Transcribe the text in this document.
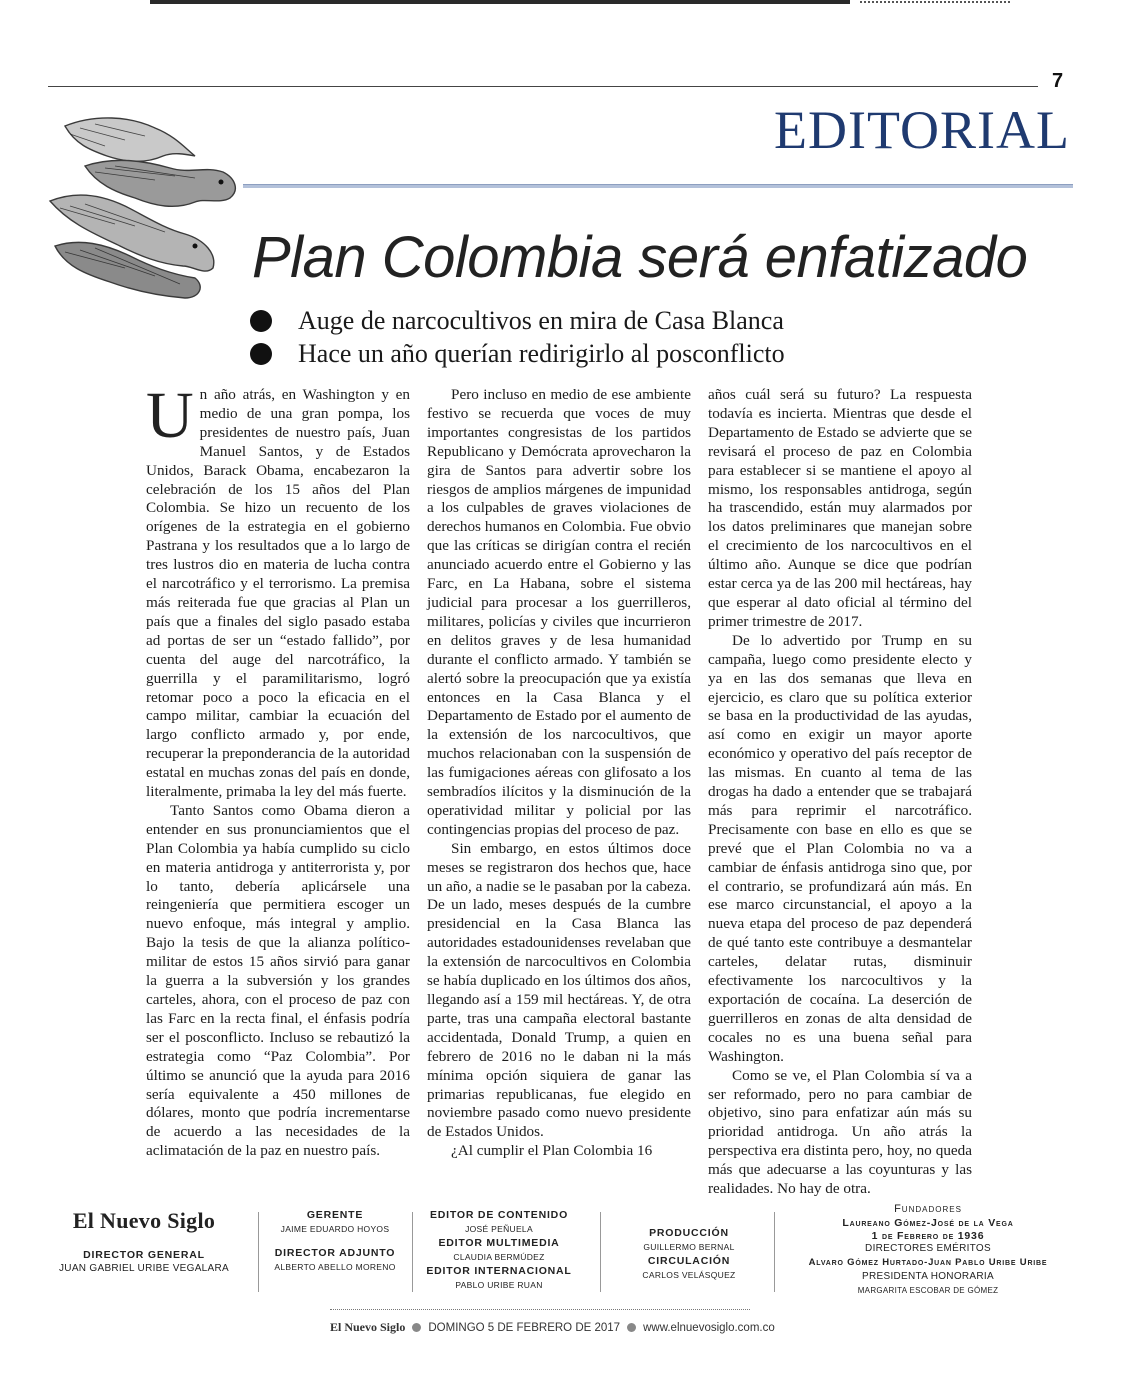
7
EDITORIAL
Plan Colombia será enfatizado
Auge de narcocultivos en mira de Casa Blanca
Hace un año querían redirigirlo al posconflicto

Un año atrás, en Washington y en medio de una gran pompa, los presidentes de nuestro país, Juan Manuel Santos, y de Estados Unidos, Barack Obama, encabezaron la celebración de los 15 años del Plan Colombia. Se hizo un recuento de los orígenes de la estrategia en el gobierno Pastrana y los resultados que a lo largo de tres lustros dio en materia de lucha contra el narcotráfico y el terrorismo. La premisa más reiterada fue que gracias al Plan un país que a finales del siglo pasado estaba ad portas de ser un “estado fallido”, por cuenta del auge del narcotráfico, la guerrilla y el paramilitarismo, logró retomar poco a poco la eficacia en el campo militar, cambiar la ecuación del largo conflicto armado y, por ende, recuperar la preponderancia de la autoridad estatal en muchas zonas del país en donde, literalmente, primaba la ley del más fuerte.

Tanto Santos como Obama dieron a entender en sus pronunciamientos que el Plan Colombia ya había cumplido su ciclo en materia antidroga y antiterrorista y, por lo tanto, debería aplicársele una reingeniería que permitiera escoger un nuevo enfoque, más integral y amplio. Bajo la tesis de que la alianza político-militar de estos 15 años sirvió para ganar la guerra a la subversión y los grandes carteles, ahora, con el proceso de paz con las Farc en la recta final, el énfasis podría ser el posconflicto. Incluso se rebautizó la estrategia como “Paz Colombia”. Por último se anunció que la ayuda para 2016 sería equivalente a 450 millones de dólares, monto que podría incrementarse de acuerdo a las necesidades de la aclimatación de la paz en nuestro país.

Pero incluso en medio de ese ambiente festivo se recuerda que voces de muy importantes congresistas de los partidos Republicano y Demócrata aprovecharon la gira de Santos para advertir sobre los riesgos de amplios márgenes de impunidad a los culpables de graves violaciones de derechos humanos en Colombia. Fue obvio que las críticas se dirigían contra el recién anunciado acuerdo entre el Gobierno y las Farc, en La Habana, sobre el sistema judicial para procesar a los guerrilleros, militares, policías y civiles que incurrieron en delitos graves y de lesa humanidad durante el conflicto armado. Y también se alertó sobre la preocupación que ya existía entonces en la Casa Blanca y el Departamento de Estado por el aumento de la extensión de los narcocultivos, que muchos relacionaban con la suspensión de las fumigaciones aéreas con glifosato a los sembradíos ilícitos y la disminución de la operatividad militar y policial por las contingencias propias del proceso de paz.

Sin embargo, en estos últimos doce meses se registraron dos hechos que, hace un año, a nadie se le pasaban por la cabeza. De un lado, meses después de la cumbre presidencial en la Casa Blanca las autoridades estadounidenses revelaban que la extensión de narcocultivos en Colombia se había duplicado en los últimos dos años, llegando así a 159 mil hectáreas. Y, de otra parte, tras una campaña electoral bastante accidentada, Donald Trump, a quien en febrero de 2016 no le daban ni la más mínima opción siquiera de ganar las primarias republicanas, fue elegido en noviembre pasado como nuevo presidente de Estados Unidos.

¿Al cumplir el Plan Colombia 16

años cuál será su futuro? La respuesta todavía es incierta. Mientras que desde el Departamento de Estado se advierte que se revisará el proceso de paz en Colombia para establecer si se mantiene el apoyo al mismo, los responsables antidroga, según ha trascendido, están muy alarmados por los datos preliminares que manejan sobre el crecimiento de los narcocultivos en el último año. Aunque se dice que podrían estar cerca ya de las 200 mil hectáreas, hay que esperar al dato oficial al término del primer trimestre de 2017.

De lo advertido por Trump en su campaña, luego como presidente electo y ya en las dos semanas que lleva en ejercicio, es claro que su política exterior se basa en la productividad de las ayudas, así como en exigir un mayor aporte económico y operativo del país receptor de las mismas. En cuanto al tema de las drogas ha dado a entender que se trabajará más para reprimir el narcotráfico. Precisamente con base en ello es que se prevé que el Plan Colombia no va a cambiar de énfasis antidroga sino que, por el contrario, se profundizará aún más. En ese marco circunstancial, el apoyo a la nueva etapa del proceso de paz dependerá de qué tanto este contribuye a desmantelar carteles, delatar rutas, disminuir efectivamente los narcocultivos y la exportación de cocaína. La deserción de guerrilleros en zonas de alta densidad de cocales no es una buena señal para Washington.

Como se ve, el Plan Colombia sí va a ser reformado, pero no para cambiar de objetivo, sino para enfatizar aún más su prioridad antidroga. Un año atrás la perspectiva era distinta pero, hoy, no queda más que adecuarse a las coyunturas y las realidades. No hay de otra.

El Nuevo Siglo
DIRECTOR GENERAL
JUAN GABRIEL URIBE VEGALARA
GERENTE
JAIME EDUARDO HOYOS
DIRECTOR ADJUNTO
ALBERTO ABELLO MORENO
EDITOR DE CONTENIDO
JOSÉ PEÑUELA
EDITOR MULTIMEDIA
CLAUDIA BERMÚDEZ
EDITOR INTERNACIONAL
PABLO URIBE RUAN
PRODUCCIÓN
GUILLERMO BERNAL
CIRCULACIÓN
CARLOS VELÁSQUEZ
Fundadores
Laureano Gómez-José de la Vega
1 de Febrero de 1936
DIRECTORES EMÉRITOS
Alvaro Gómez Hurtado-Juan Pablo Uribe Uribe
PRESIDENTA HONORARIA
MARGARITA ESCOBAR DE GÓMEZ
El Nuevo Siglo DOMINGO 5 DE FEBRERO DE 2017 www.elnuevosiglo.com.co
